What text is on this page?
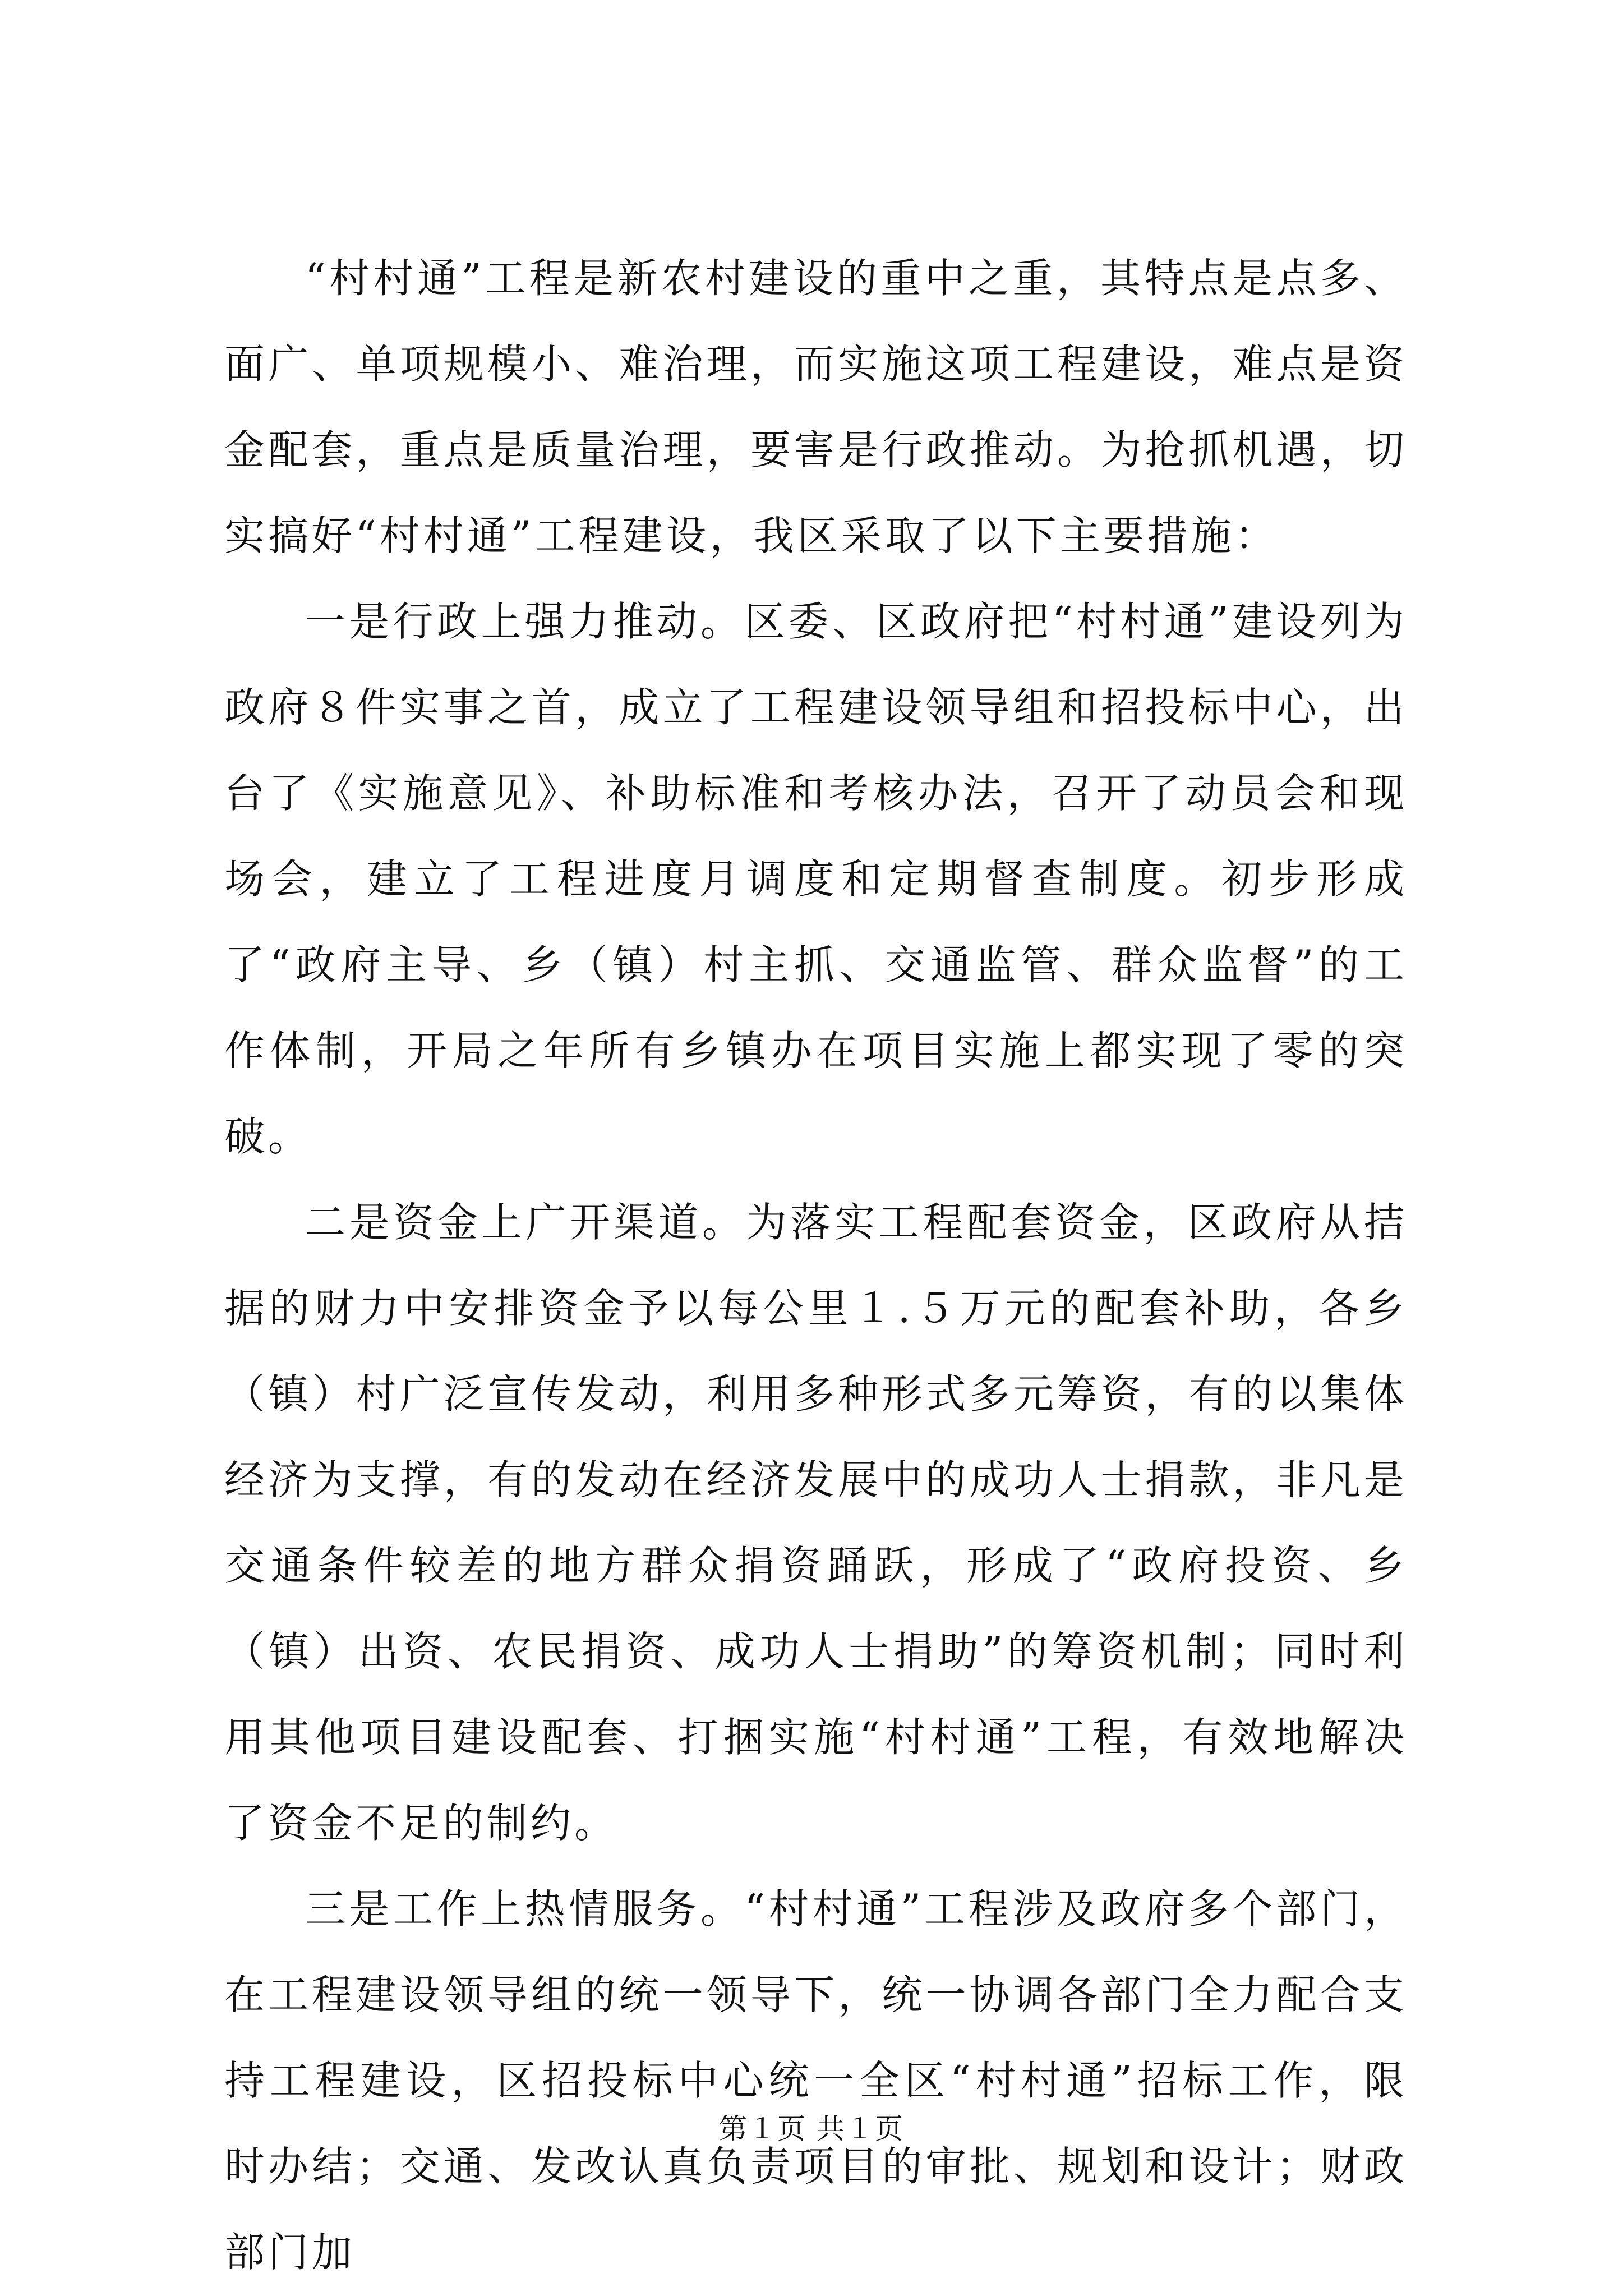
“村村通”工程是新农村建设的重中之重，其特点是点多、面广、单项规模小、难治理，而实施这项工程建设，难点是资金配套，重点是质量治理，要害是行政推动。为抢抓机遇，切实搞好“村村通”工程建设，我区采取了以下主要措施：

一是行政上强力推动。区委、区政府把“村村通”建设列为政府８件实事之首，成立了工程建设领导组和招投标中心，出台了《实施意见》、补助标准和考核办法，召开了动员会和现场会，建立了工程进度月调度和定期督查制度。初步形成了“政府主导、乡（镇）村主抓、交通监管、群众监督”的工作体制，开局之年所有乡镇办在项目实施上都实现了零的突破。

二是资金上广开渠道。为落实工程配套资金，区政府从拮据的财力中安排资金予以每公里１.５万元的配套补助，各乡（镇）村广泛宣传发动，利用多种形式多元筹资，有的以集体经济为支撑，有的发动在经济发展中的成功人士捐款，非凡是交通条件较差的地方群众捐资踊跃，形成了“政府投资、乡（镇）出资、农民捐资、成功人士捐助”的筹资机制；同时利用其他项目建设配套、打捆实施“村村通”工程，有效地解决了资金不足的制约。

三是工作上热情服务。“村村通”工程涉及政府多个部门，在工程建设领导组的统一领导下，统一协调各部门全力配合支持工程建设，区招投标中心统一全区“村村通”招标工作，限时办结；交通、发改认真负责项目的审批、规划和设计；财政部门加

第１页 共１页
